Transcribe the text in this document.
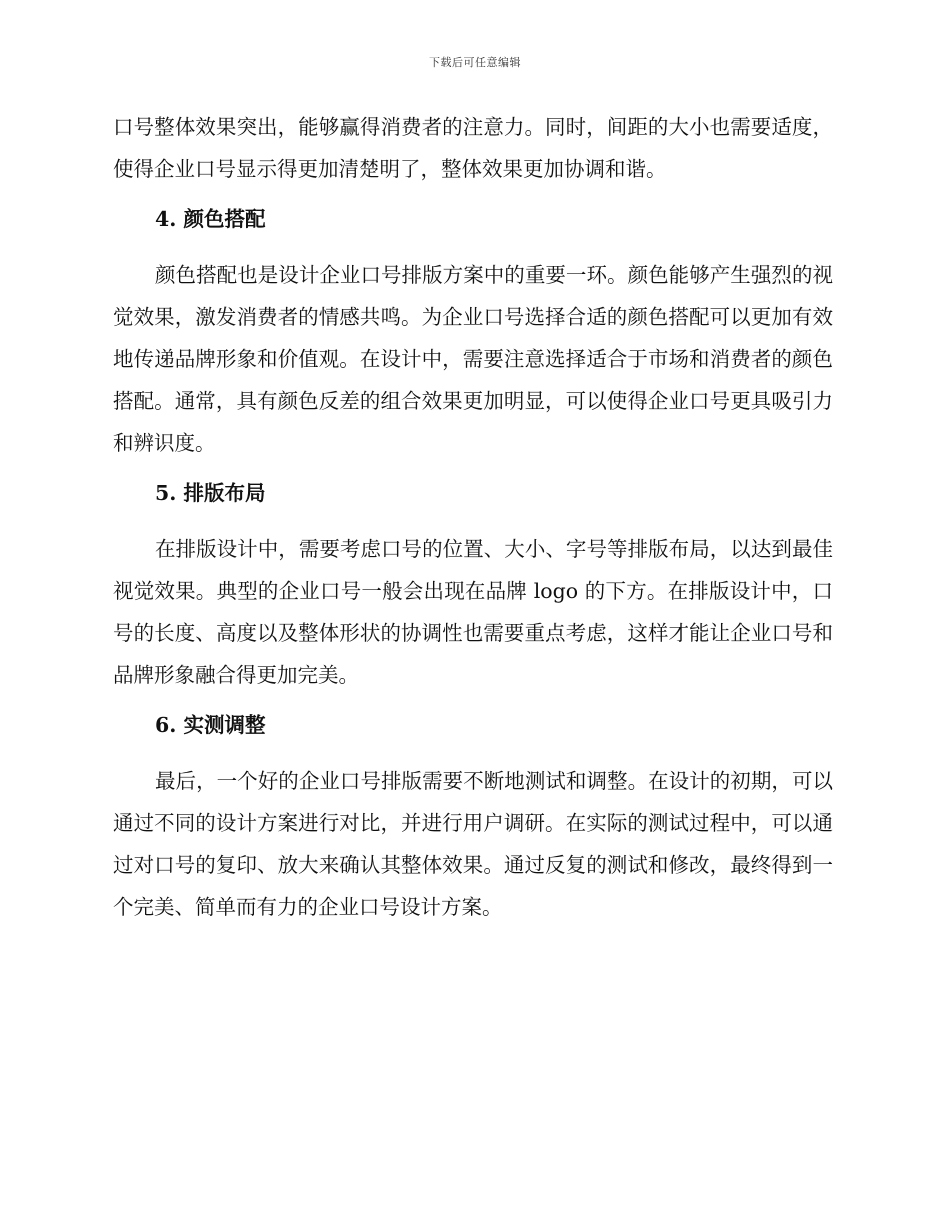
下载后可任意编辑

口号整体效果突出，能够赢得消费者的注意力。同时，间距的大小也需要适度，使得企业口号显示得更加清楚明了，整体效果更加协调和谐。

4. 颜色搭配

颜色搭配也是设计企业口号排版方案中的重要一环。颜色能够产生强烈的视觉效果，激发消费者的情感共鸣。为企业口号选择合适的颜色搭配可以更加有效地传递品牌形象和价值观。在设计中，需要注意选择适合于市场和消费者的颜色搭配。通常，具有颜色反差的组合效果更加明显，可以使得企业口号更具吸引力和辨识度。

5. 排版布局

在排版设计中，需要考虑口号的位置、大小、字号等排版布局，以达到最佳视觉效果。典型的企业口号一般会出现在品牌 logo 的下方。在排版设计中，口号的长度、高度以及整体形状的协调性也需要重点考虑，这样才能让企业口号和品牌形象融合得更加完美。

6. 实测调整

最后，一个好的企业口号排版需要不断地测试和调整。在设计的初期，可以通过不同的设计方案进行对比，并进行用户调研。在实际的测试过程中，可以通过对口号的复印、放大来确认其整体效果。通过反复的测试和修改，最终得到一个完美、简单而有力的企业口号设计方案。
